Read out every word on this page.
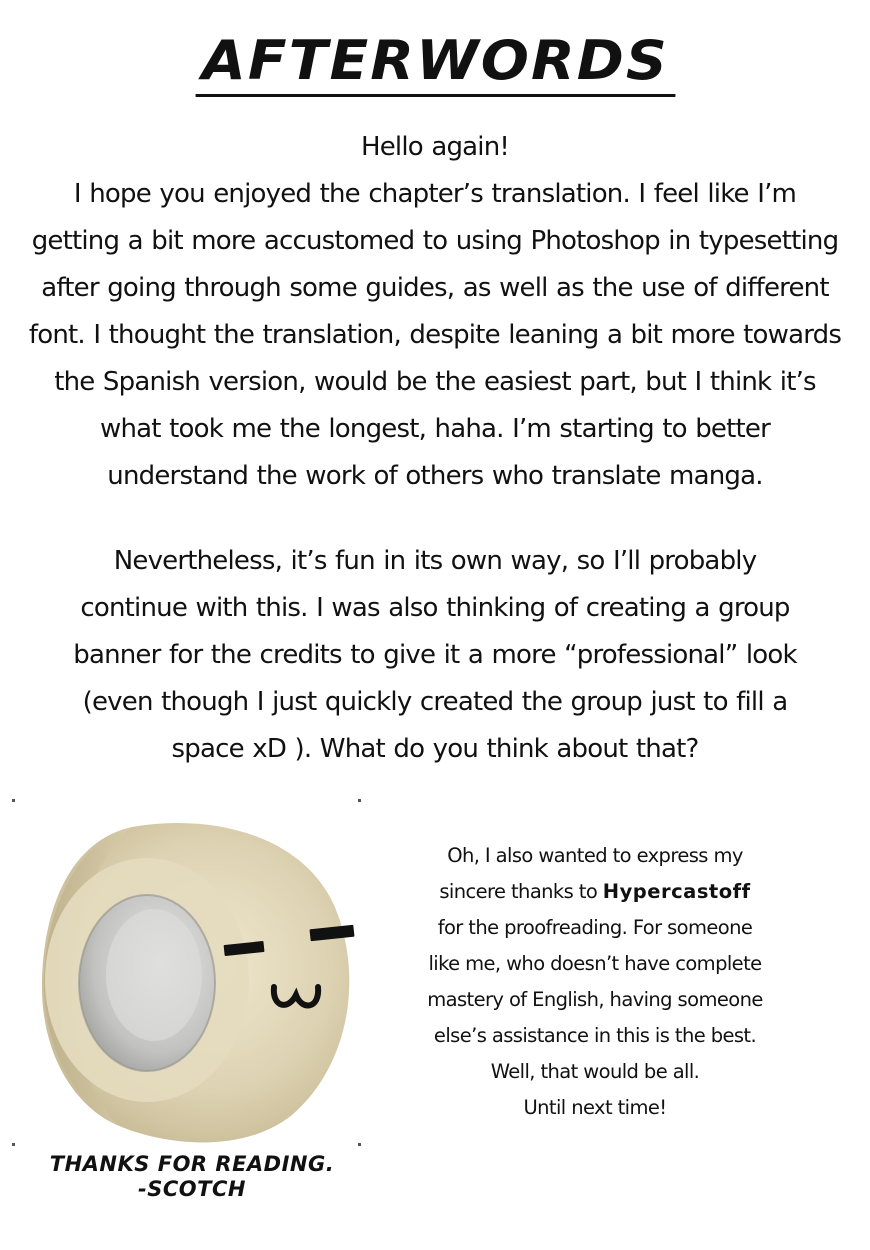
AFTERWORDS

Hello again!
I hope you enjoyed the chapter’s translation. I feel like I’m
getting a bit more accustomed to using Photoshop in typesetting
after going through some guides, as well as the use of different
font. I thought the translation, despite leaning a bit more towards
the Spanish version, would be the easiest part, but I think it’s
what took me the longest, haha. I’m starting to better
understand the work of others who translate manga.

Nevertheless, it’s fun in its own way, so I’ll probably
continue with this. I was also thinking of creating a group
banner for the credits to give it a more “professional” look
(even though I just quickly created the group just to fill a
space xD ). What do you think about that?

Oh, I also wanted to express my
sincere thanks to Hypercastoff
for the proofreading. For someone
like me, who doesn’t have complete
mastery of English, having someone
else’s assistance in this is the best.
Well, that would be all.
Until next time!

THANKS FOR READING.
-SCOTCH
